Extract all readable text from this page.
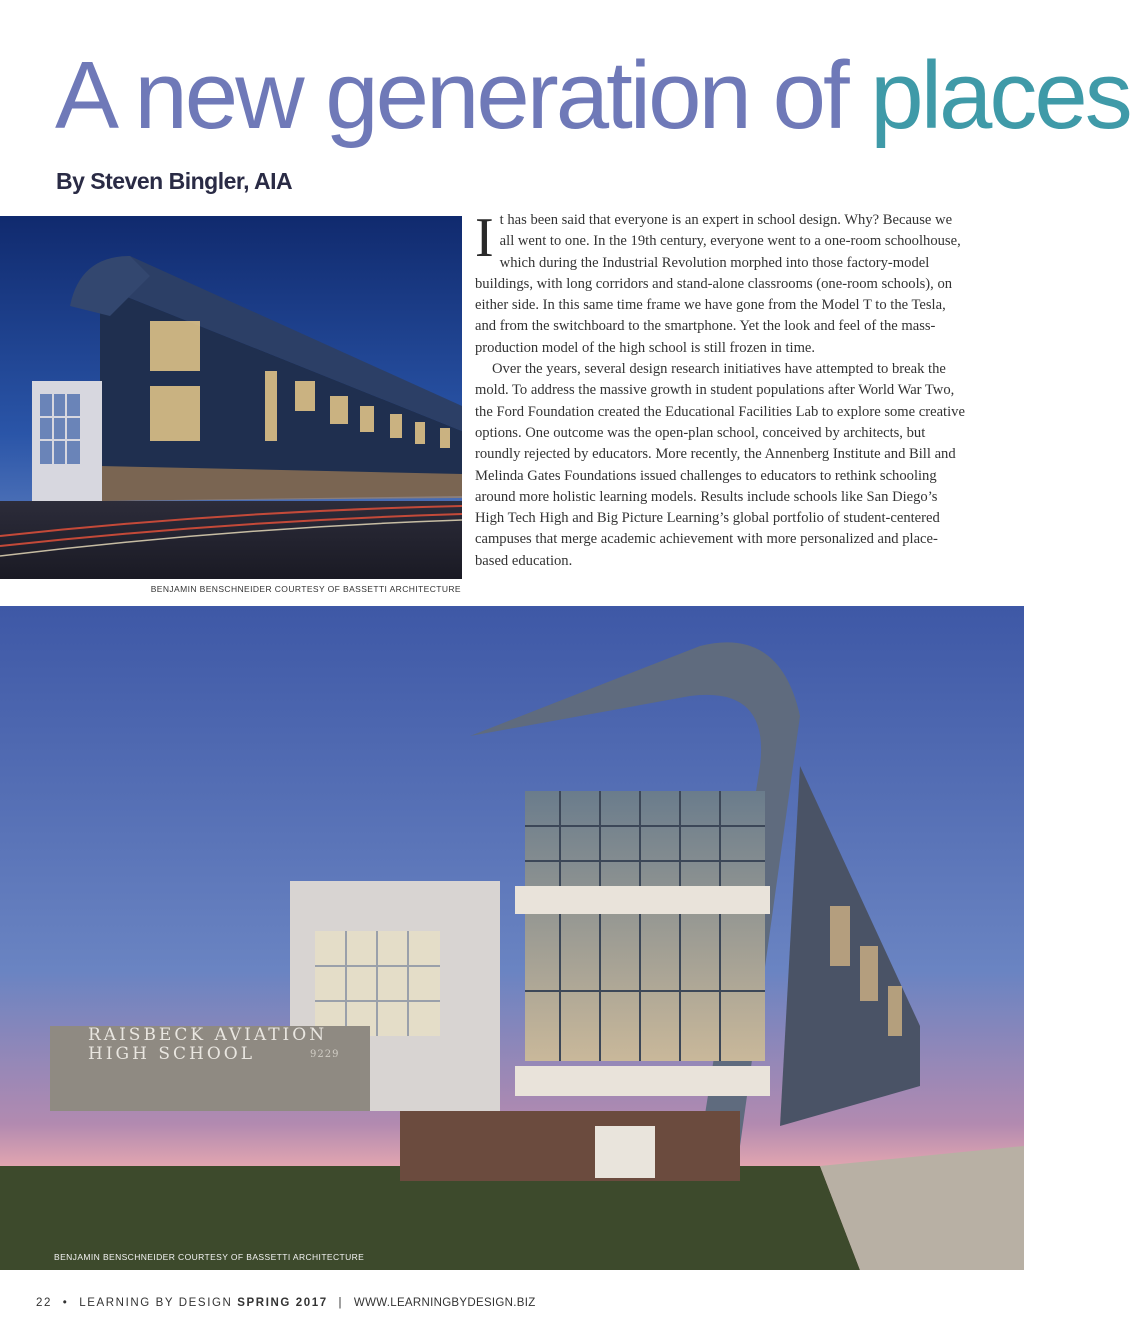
A new generation of places
By Steven Bingler, AIA
BENJAMIN BENSCHNEIDER COURTESY OF BASSETTI ARCHITECTURE

It has been said that everyone is an expert in school design. Why? Because we all went to one. In the 19th century, everyone went to a one-room schoolhouse, which during the Industrial Revolution morphed into those factory-model buildings, with long corridors and stand-alone classrooms (one-room schools), on either side. In this same time frame we have gone from the Model T to the Tesla, and from the switchboard to the smartphone. Yet the look and feel of the mass-production model of the high school is still frozen in time.

Over the years, several design research initiatives have attempted to break the mold. To address the massive growth in student populations after World War Two, the Ford Foundation created the Educational Facilities Lab to explore some creative options. One outcome was the open-plan school, conceived by architects, but roundly rejected by educators. More recently, the Annenberg Institute and Bill and Melinda Gates Foundations issued challenges to educators to rethink schooling around more holistic learning models. Results include schools like San Diego’s High Tech High and Big Picture Learning’s global portfolio of student-centered campuses that merge academic achievement with more personalized and place-based education.

RAISBECK AVIATION
HIGH SCHOOL	9229
BENJAMIN BENSCHNEIDER COURTESY OF BASSETTI ARCHITECTURE
22 • LEARNING BY DESIGN SPRING 2017 | WWW.LEARNINGBYDESIGN.BIZ
